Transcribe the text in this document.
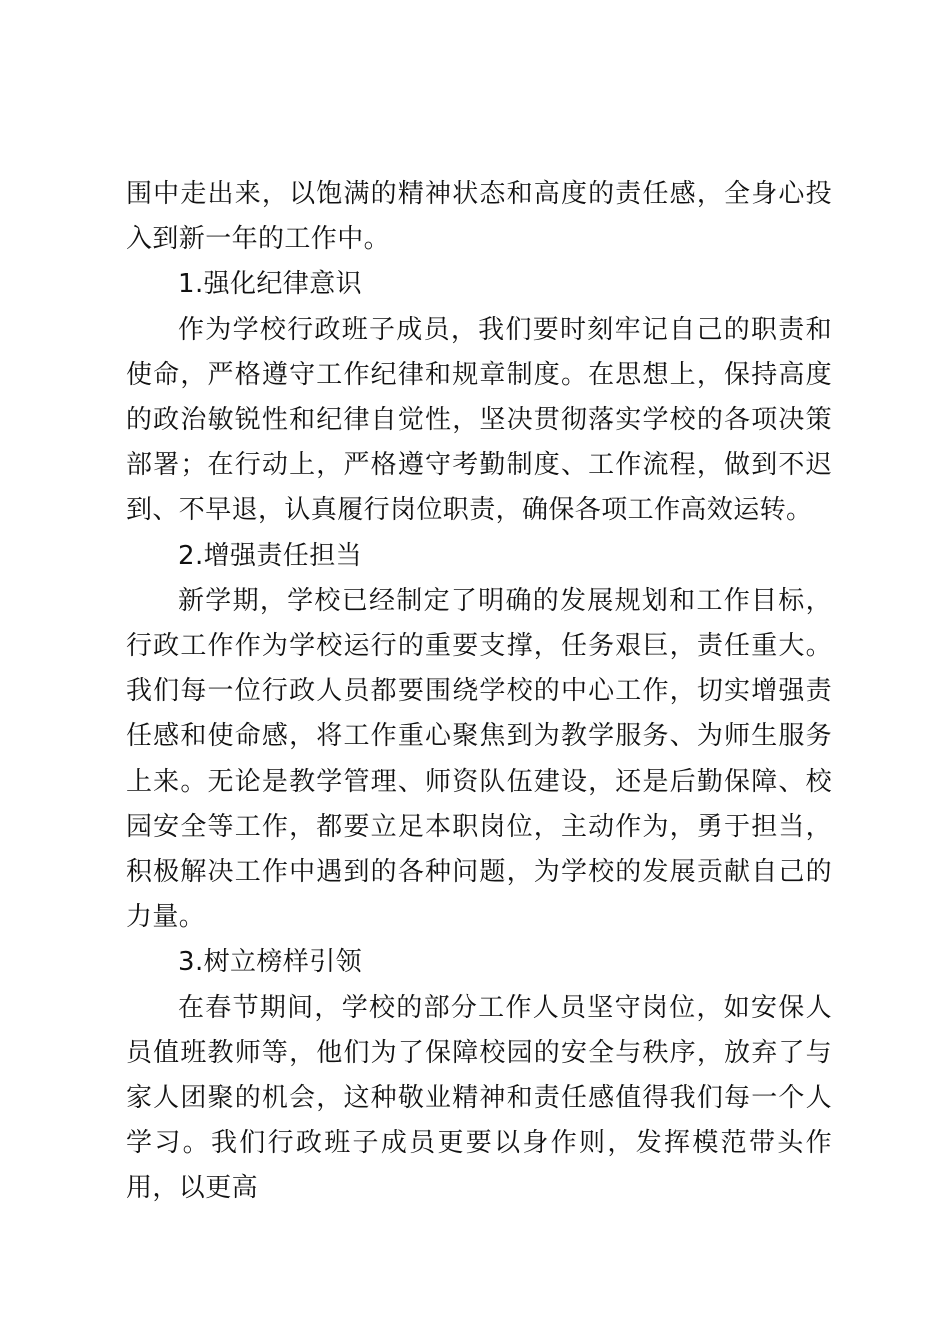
围中走出来，以饱满的精神状态和高度的责任感，全身心投入到新一年的工作中。

1.强化纪律意识

作为学校行政班子成员，我们要时刻牢记自己的职责和使命，严格遵守工作纪律和规章制度。在思想上，保持高度的政治敏锐性和纪律自觉性，坚决贯彻落实学校的各项决策部署；在行动上，严格遵守考勤制度、工作流程，做到不迟到、不早退，认真履行岗位职责，确保各项工作高效运转。

2.增强责任担当

新学期，学校已经制定了明确的发展规划和工作目标，行政工作作为学校运行的重要支撑，任务艰巨，责任重大。我们每一位行政人员都要围绕学校的中心工作，切实增强责任感和使命感，将工作重心聚焦到为教学服务、为师生服务上来。无论是教学管理、师资队伍建设，还是后勤保障、校园安全等工作，都要立足本职岗位，主动作为，勇于担当，积极解决工作中遇到的各种问题，为学校的发展贡献自己的力量。

3.树立榜样引领

在春节期间，学校的部分工作人员坚守岗位，如安保人员值班教师等，他们为了保障校园的安全与秩序，放弃了与家人团聚的机会，这种敬业精神和责任感值得我们每一个人学习。我们行政班子成员更要以身作则，发挥模范带头作用，以更高
